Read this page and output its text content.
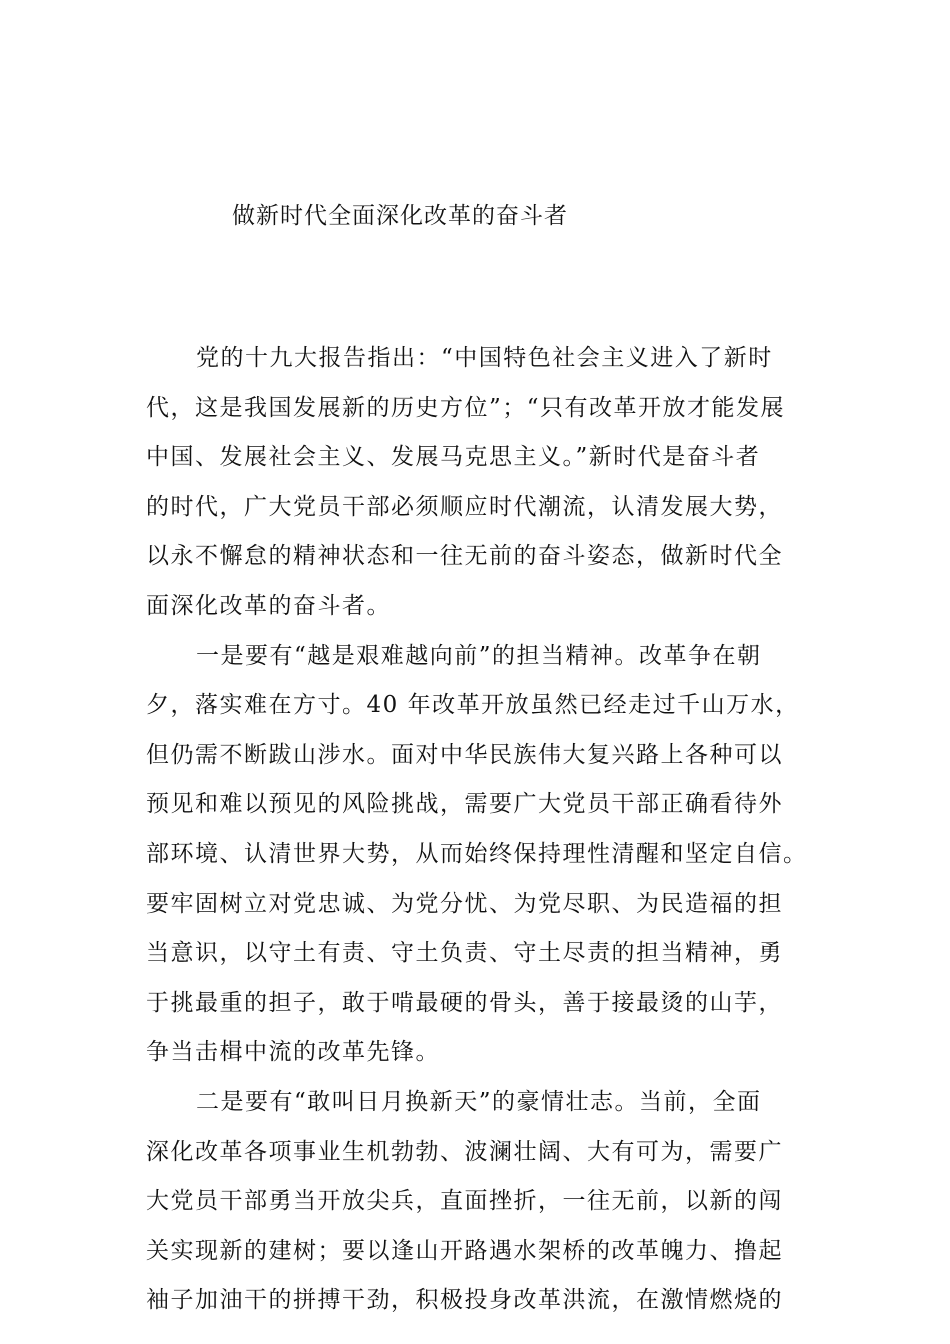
做新时代全面深化改革的奋斗者
党的十九大报告指出：“中国特色社会主义进入了新时
代，这是我国发展新的历史方位”；“只有改革开放才能发展
中国、发展社会主义、发展马克思主义。”新时代是奋斗者
的时代，广大党员干部必须顺应时代潮流，认清发展大势，
以永不懈怠的精神状态和一往无前的奋斗姿态，做新时代全
面深化改革的奋斗者。
一是要有“越是艰难越向前”的担当精神。改革争在朝
夕，落实难在方寸。40 年改革开放虽然已经走过千山万水，
但仍需不断跋山涉水。面对中华民族伟大复兴路上各种可以
预见和难以预见的风险挑战，需要广大党员干部正确看待外
部环境、认清世界大势，从而始终保持理性清醒和坚定自信。
要牢固树立对党忠诚、为党分忧、为党尽职、为民造福的担
当意识，以守土有责、守土负责、守土尽责的担当精神，勇
于挑最重的担子，敢于啃最硬的骨头，善于接最烫的山芋，
争当击楫中流的改革先锋。
二是要有“敢叫日月换新天”的豪情壮志。当前，全面
深化改革各项事业生机勃勃、波澜壮阔、大有可为，需要广
大党员干部勇当开放尖兵，直面挫折，一往无前，以新的闯
关实现新的建树；要以逢山开路遇水架桥的改革魄力、撸起
袖子加油干的拼搏干劲，积极投身改革洪流，在激情燃烧的
